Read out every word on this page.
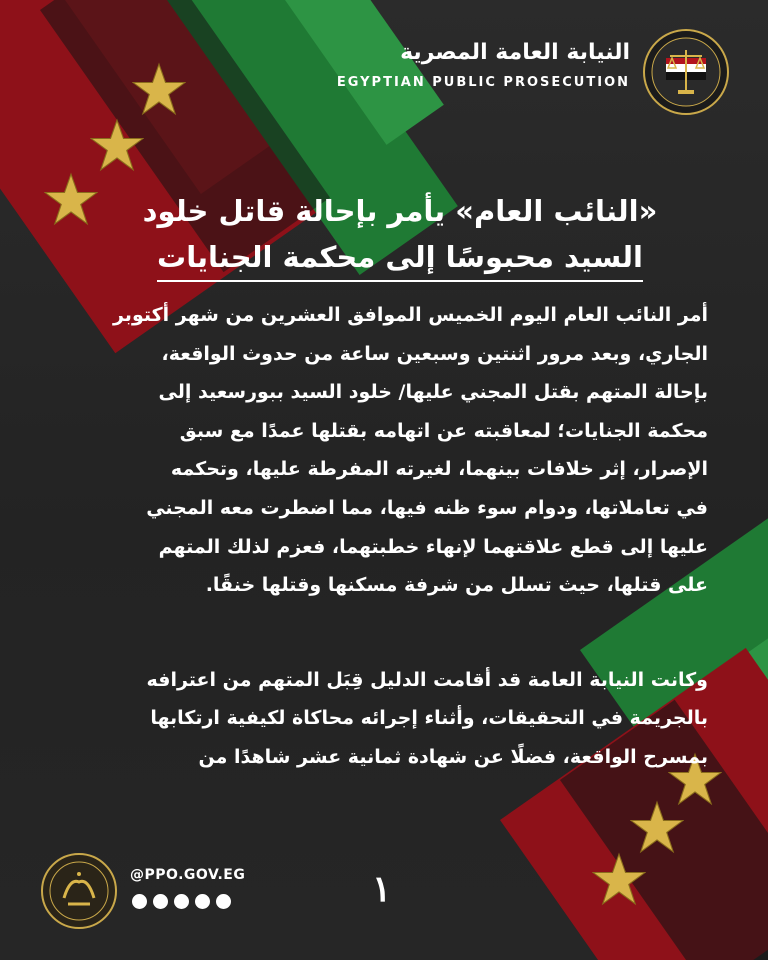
النيابة العامة المصرية
EGYPTIAN PUBLIC PROSECUTION
«النائب العام» يأمر بإحالة قاتل خلود
السيد محبوسًا إلى محكمة الجنايات
أمر النائب العام اليوم الخميس الموافق العشرين من شهر أكتوبر
الجاري، وبعد مرور اثنتين وسبعين ساعة من حدوث الواقعة،
بإحالة المتهم بقتل المجني عليها/ خلود السيد ببورسعيد إلى
محكمة الجنايات؛ لمعاقبته عن اتهامه بقتلها عمدًا مع سبق
الإصرار، إثر خلافات بينهما، لغيرته المفرطة عليها، وتحكمه
في تعاملاتها، ودوام سوء ظنه فيها، مما اضطرت معه المجني
عليها إلى قطع علاقتهما لإنهاء خطبتهما، فعزم لذلك المتهم
على قتلها، حيث تسلل من شرفة مسكنها وقتلها خنقًا.
وكانت النيابة العامة قد أقامت الدليل قِبَل المتهم من اعترافه
بالجريمة في التحقيقات، وأثناء إجرائه محاكاة لكيفية ارتكابها
بمسرح الواقعة، فضلًا عن شهادة ثمانية عشر شاهدًا من
@PPO.GOV.EG	١
